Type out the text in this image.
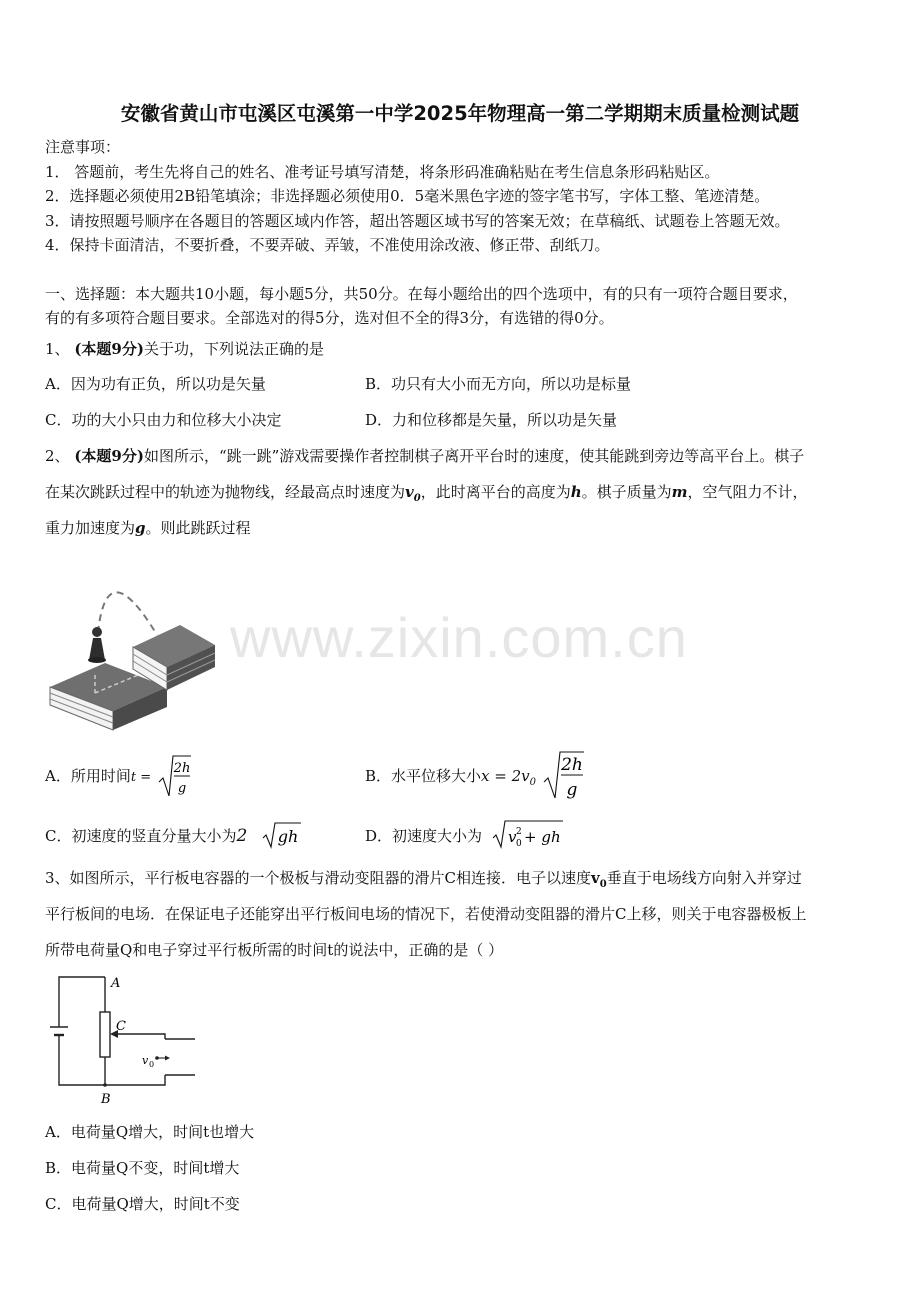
www.zixin.com.cn
安徽省黄山市屯溪区屯溪第一中学2025年物理高一第二学期期末质量检测试题
注意事项：
1． 答题前，考生先将自己的姓名、准考证号填写清楚，将条形码准确粘贴在考生信息条形码粘贴区。
2．选择题必须使用2B铅笔填涂；非选择题必须使用0．5毫米黑色字迹的签字笔书写，字体工整、笔迹清楚。
3．请按照题号顺序在各题目的答题区域内作答，超出答题区域书写的答案无效；在草稿纸、试题卷上答题无效。
4．保持卡面清洁，不要折叠，不要弄破、弄皱，不准使用涂改液、修正带、刮纸刀。
一、选择题：本大题共10小题，每小题5分，共50分。在每小题给出的四个选项中，有的只有一项符合题目要求，
有的有多项符合题目要求。全部选对的得5分，选对但不全的得3分，有选错的得0分。
1、 (本题9分)关于功，下列说法正确的是
A．因为功有正负，所以功是矢量	B．功只有大小而无方向，所以功是标量
C．功的大小只由力和位移大小决定	D．力和位移都是矢量，所以功是矢量
2、 (本题9分)如图所示，“跳一跳”游戏需要操作者控制棋子离开平台时的速度，使其能跳到旁边等高平台上。棋子
在某次跳跃过程中的轨迹为抛物线，经最高点时速度为$v_0$，此时离平台的高度为h。棋子质量为m，空气阻力不计，
重力加速度为g。则此跳跃过程
A．所用时间t =
2h
g
B．水平位移大小$x = 2v_0$
2h
g
C．初速度的竖直分量大小为2 gh	D．初速度大小为 v 2
0 + gh
3、如图所示，平行板电容器的一个极板与滑动变阻器的滑片C相连接．电子以速度$v_0$垂直于电场线方向射入并穿过
平行板间的电场．在保证电子还能穿出平行板间电场的情况下，若使滑动变阻器的滑片C上移，则关于电容器极板上
所带电荷量Q和电子穿过平行板所需的时间t的说法中，正确的是（ ）
A
C
B
v 0
A．电荷量Q增大，时间t也增大
B．电荷量Q不变，时间t增大
C．电荷量Q增大，时间t不变
